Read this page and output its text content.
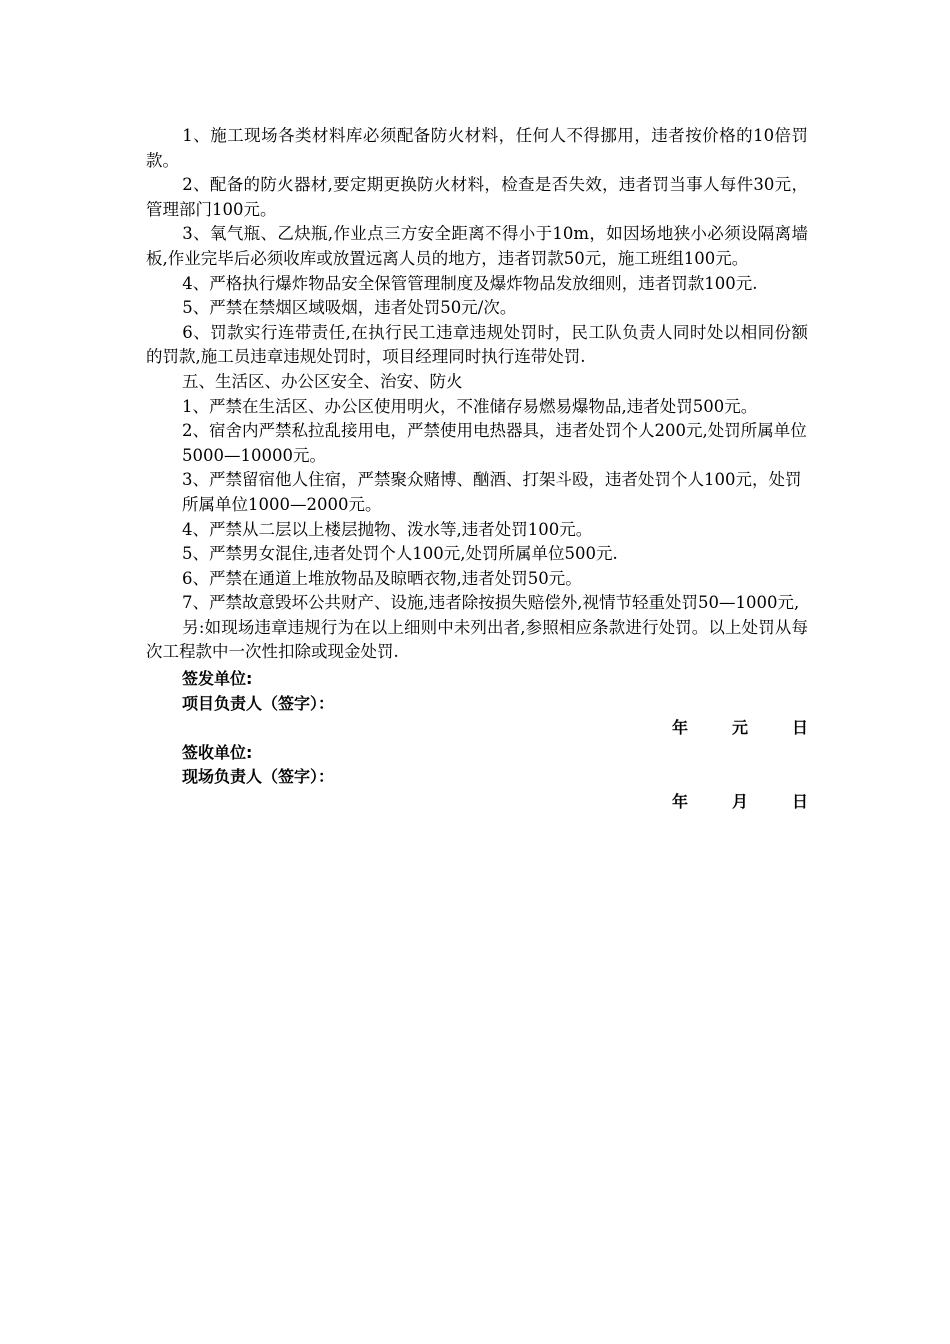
1、施工现场各类材料库必须配备防火材料，任何人不得挪用，违者按价格的10倍罚款。

2、配备的防火器材,要定期更换防火材料，检查是否失效，违者罚当事人每件30元，管理部门100元。

3、氧气瓶、乙炔瓶,作业点三方安全距离不得小于10m，如因场地狭小必须设隔离墙板,作业完毕后必须收库或放置远离人员的地方，违者罚款50元，施工班组100元。

4、严格执行爆炸物品安全保管管理制度及爆炸物品发放细则，违者罚款100元.

5、严禁在禁烟区域吸烟，违者处罚50元/次。

6、罚款实行连带责任,在执行民工违章违规处罚时，民工队负责人同时处以相同份额的罚款,施工员违章违规处罚时，项目经理同时执行连带处罚.

五、生活区、办公区安全、治安、防火

1、严禁在生活区、办公区使用明火，不准储存易燃易爆物品,违者处罚500元。

2、宿舍内严禁私拉乱接用电，严禁使用电热器具，违者处罚个人200元,处罚所属单位5000—10000元。

3、严禁留宿他人住宿，严禁聚众赌博、酗酒、打架斗殴，违者处罚个人100元，处罚所属单位1000—2000元。

4、严禁从二层以上楼层抛物、泼水等,违者处罚100元。

5、严禁男女混住,违者处罚个人100元,处罚所属单位500元.

6、严禁在通道上堆放物品及晾晒衣物,违者处罚50元。

7、严禁故意毁坏公共财产、设施,违者除按损失赔偿外,视情节轻重处罚50—1000元,

另:如现场违章违规行为在以上细则中未列出者,参照相应条款进行处罚。以上处罚从每次工程款中一次性扣除或现金处罚.

签发单位:

项目负责人（签字）：

年	元	日

签收单位:

现场负责人（签字）：

年	月	日
